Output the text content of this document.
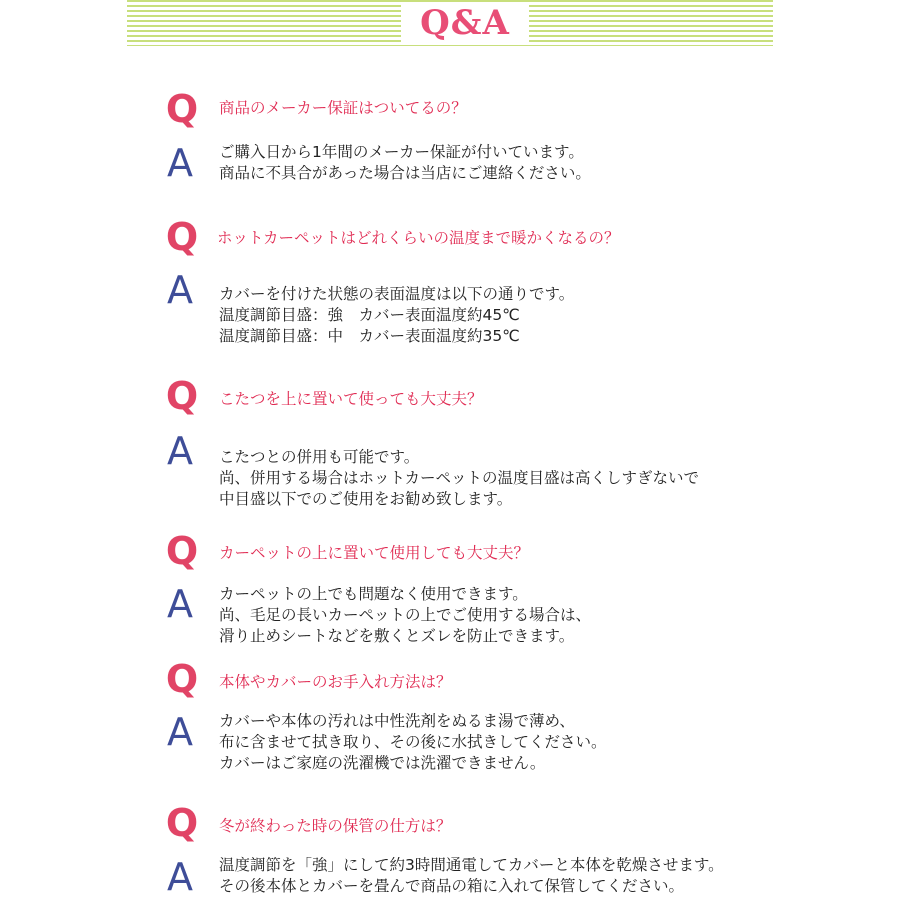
Q&A
Q 商品のメーカー保証はついてるの？
A	ご購入日から1年間のメーカー保証が付いています。
商品に不具合があった場合は当店にご連絡ください。
Q ホットカーペットはどれくらいの温度まで暖かくなるの？
A	カバーを付けた状態の表面温度は以下の通りです。
温度調節目盛：強　カバー表面温度約45℃
温度調節目盛：中　カバー表面温度約35℃
Q こたつを上に置いて使っても大丈夫？
A	こたつとの併用も可能です。
尚、併用する場合はホットカーペットの温度目盛は高くしすぎないで
中目盛以下でのご使用をお勧め致します。
Q カーペットの上に置いて使用しても大丈夫？
A	カーペットの上でも問題なく使用できます。
尚、毛足の長いカーペットの上でご使用する場合は、
滑り止めシートなどを敷くとズレを防止できます。
Q 本体やカバーのお手入れ方法は？
A	カバーや本体の汚れは中性洗剤をぬるま湯で薄め、
布に含ませて拭き取り、その後に水拭きしてください。
カバーはご家庭の洗濯機では洗濯できません。
Q 冬が終わった時の保管の仕方は？
A	温度調節を「強」にして約3時間通電してカバーと本体を乾燥させます。
その後本体とカバーを畳んで商品の箱に入れて保管してください。
